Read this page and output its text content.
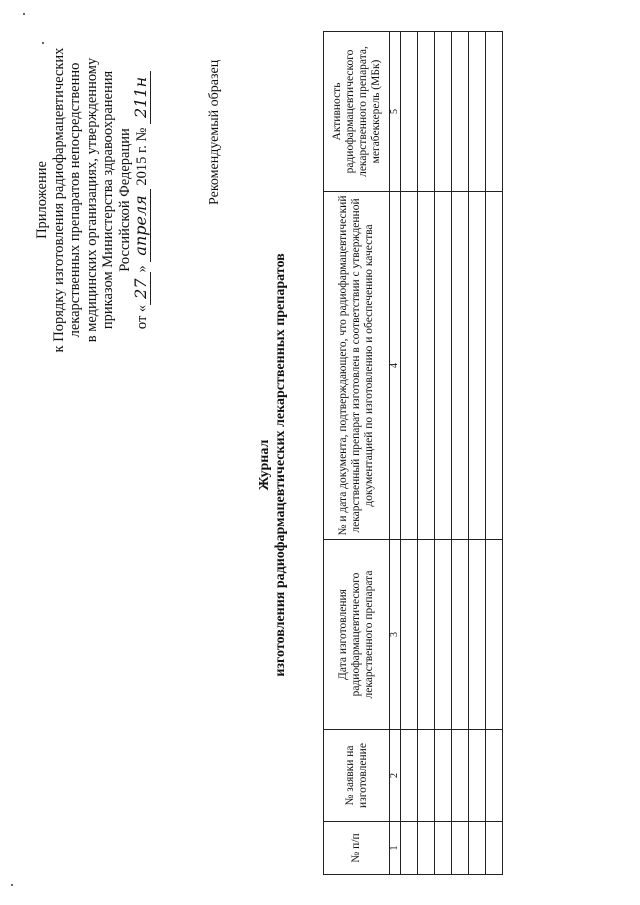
Приложение к Порядку изготовления радиофармацевтических лекарственных препаратов непосредственно в медицинских организациях, утвержденному приказом Министерства здравоохранения Российской Федерации
от «27» апреля 2015 г. № 211н	Рекомендуемый образец
Журнал изготовления радиофармацевтических лекарственных препаратов
№ п/п	№ заявки на изготовление	Дата изготовления радиофармацевтического лекарственного препарата	№ и дата документа, подтверждающего, что радиофармацевтический лекарственный препарат изготовлен в соответствии с утвержденной документацией по изготовлению и обеспечению качества	Активность радиофармацевтического лекарственного препарата, мегабеккерель (МБк)
1	2	3	4	5
